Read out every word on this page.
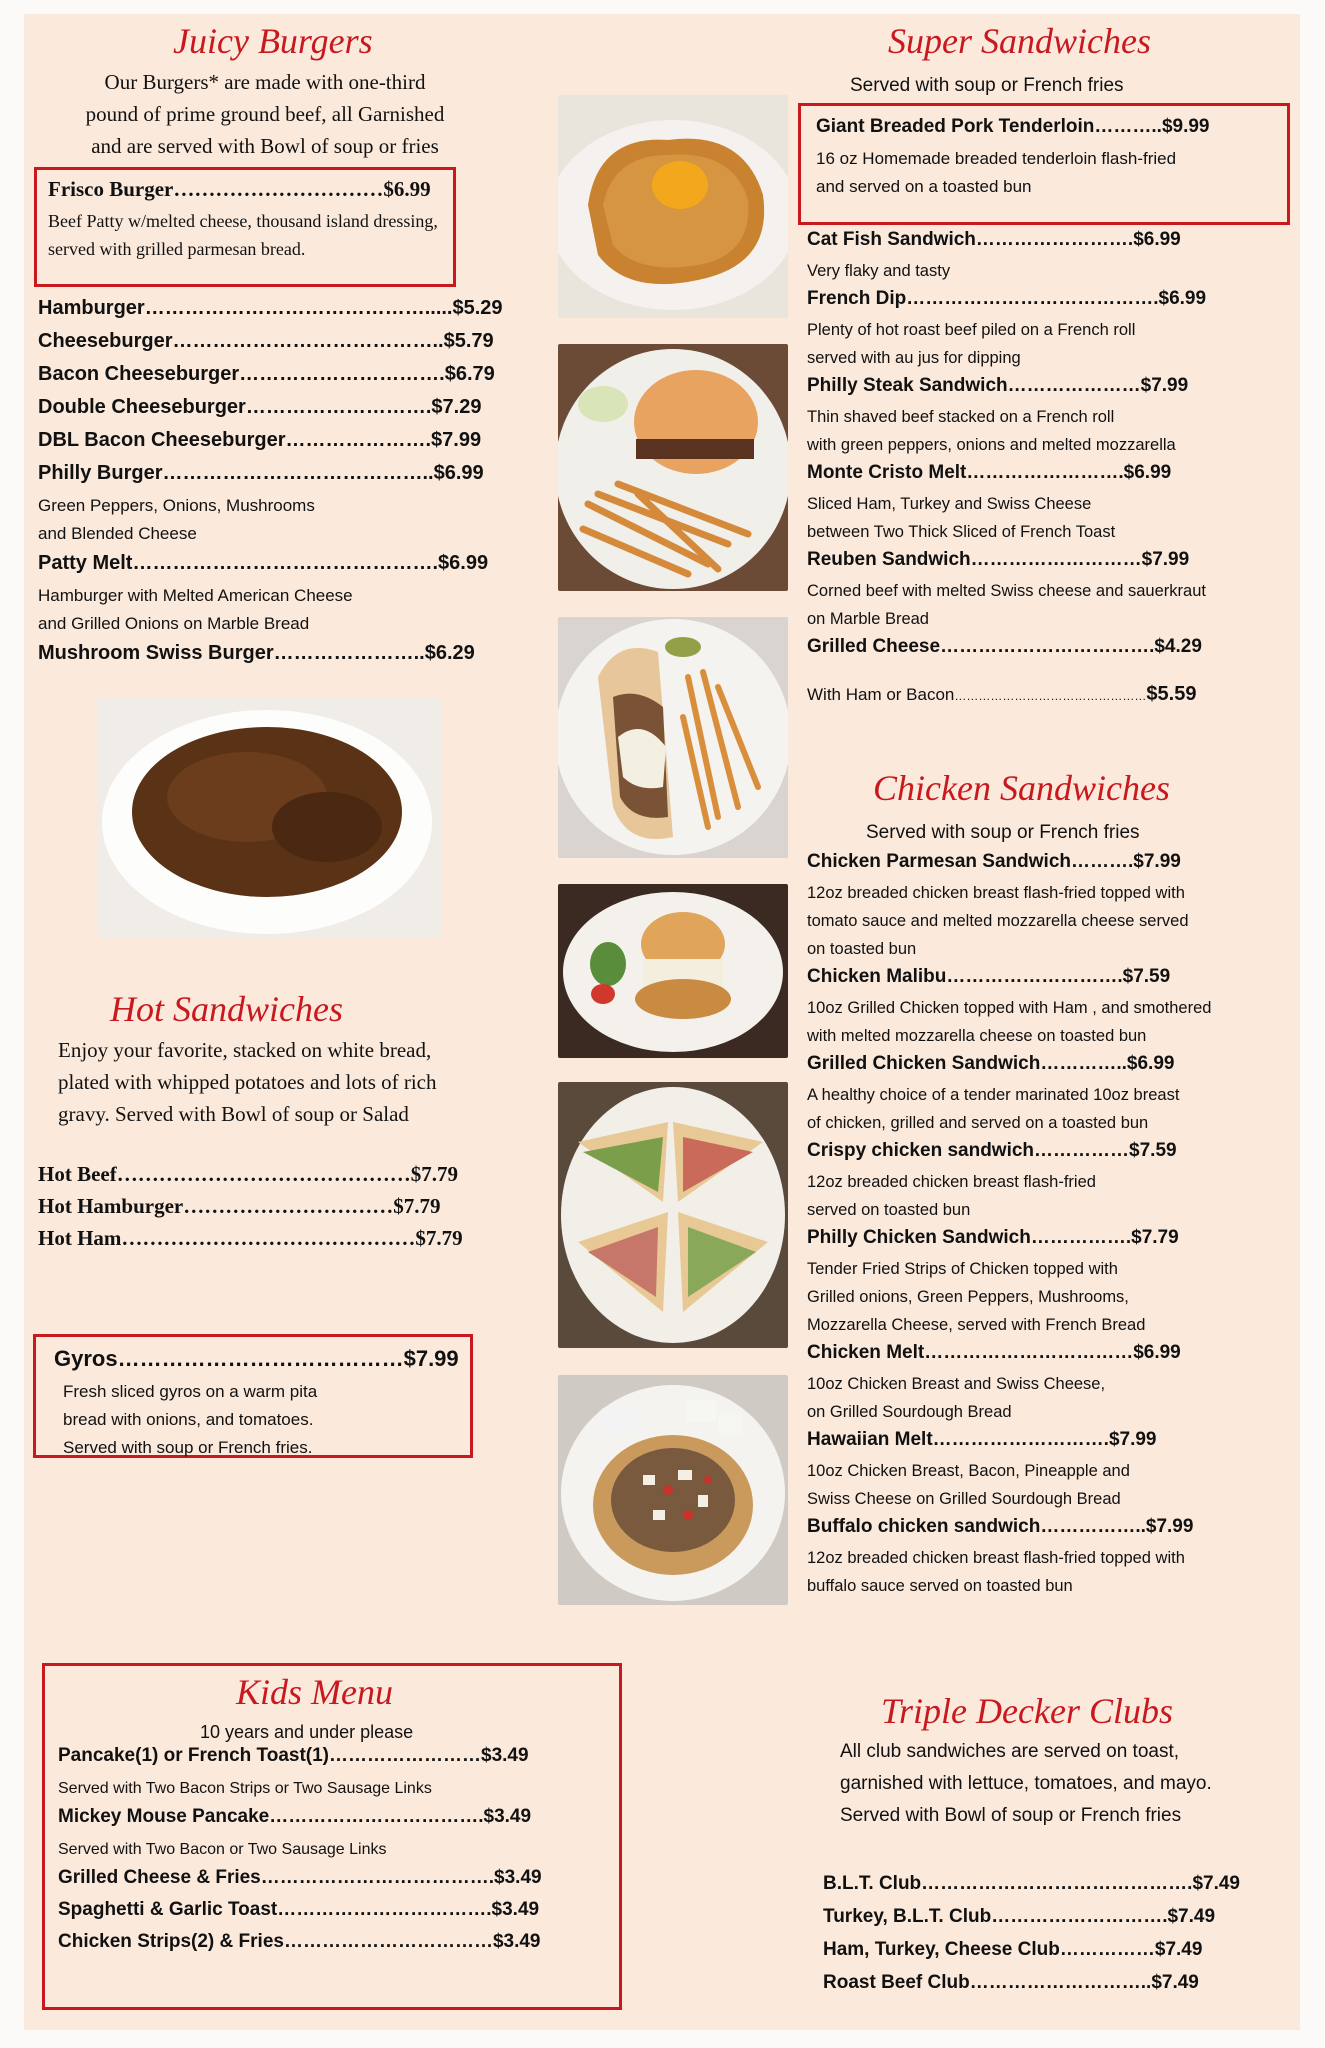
Juicy Burgers
Our Burgers* are made with one-third
pound of prime ground beef, all Garnished
and are served with Bowl of soup or fries
Frisco Burger…………………………$6.99
Beef Patty w/melted cheese, thousand island dressing, served with grilled parmesan bread.
Hamburger…………………………………….....$5.29
Cheeseburger…………………………………..$5.79
Bacon Cheeseburger………………………….$6.79
Double Cheeseburger……………………….$7.29
DBL Bacon Cheeseburger………………….$7.99
Philly Burger…………………………………..$6.99
Green Peppers, Onions, Mushrooms
and Blended Cheese
Patty Melt……………………………………….$6.99
Hamburger with Melted American Cheese
and Grilled Onions on Marble Bread
Mushroom Swiss Burger…………………..$6.29
Hot Sandwiches
Enjoy your favorite, stacked on white bread,
plated with whipped potatoes and lots of rich
gravy. Served with Bowl of soup or Salad
Hot Beef……………………………………$7.79
Hot Hamburger…………………………$7.79
Hot Ham……………………………………$7.79
Gyros…………………………………$7.99
Fresh sliced gyros on a warm pita
bread with onions, and tomatoes.
Served with soup or French fries.
Kids Menu
10 years and under please
Pancake(1) or French Toast(1)……………………$3.49
Served with Two Bacon Strips or Two Sausage Links
Mickey Mouse Pancake…………………………….$3.49
Served with Two Bacon or Two Sausage Links
Grilled Cheese & Fries……………………………….$3.49
Spaghetti & Garlic Toast…………………………….$3.49
Chicken Strips(2) & Fries……………………………$3.49
Super Sandwiches
Served with soup or French fries
Giant Breaded Pork Tenderloin………..$9.99
16 oz Homemade breaded tenderloin flash-fried
and served on a toasted bun
Cat Fish Sandwich…………………….$6.99
Very flaky and tasty
French Dip………………………………….$6.99
Plenty of hot roast beef piled on a French roll
served with au jus for dipping
Philly Steak Sandwich…………………$7.99
Thin shaved beef stacked on a French roll
with green peppers, onions and melted mozzarella
Monte Cristo Melt…………………….$6.99
Sliced Ham, Turkey and Swiss Cheese
between Two Thick Sliced of French Toast
Reuben Sandwich………………………$7.99
Corned beef with melted Swiss cheese and sauerkraut
on Marble Bread
Grilled Cheese…………………………….$4.29
With Ham or Bacon…………………………………………$5.59
Chicken Sandwiches
Served with soup or French fries
Chicken Parmesan Sandwich……….$7.99
12oz breaded chicken breast flash-fried topped with
tomato sauce and melted mozzarella cheese served
on toasted bun
Chicken Malibu……………………….$7.59
10oz Grilled Chicken topped with Ham , and smothered
with melted mozzarella cheese on toasted bun
Grilled Chicken Sandwich…………..$6.99
A healthy choice of a tender marinated 10oz breast
of chicken, grilled and served on a toasted bun
Crispy chicken sandwich……………$7.59
12oz breaded chicken breast flash-fried
served on toasted bun
Philly Chicken Sandwich…………….$7.79
Tender Fried Strips of Chicken topped with
Grilled onions, Green Peppers, Mushrooms,
Mozzarella Cheese, served with French Bread
Chicken Melt……………………………$6.99
10oz Chicken Breast and Swiss Cheese,
on Grilled Sourdough Bread
Hawaiian Melt……………………….$7.99
10oz Chicken Breast, Bacon, Pineapple and
Swiss Cheese on Grilled Sourdough Bread
Buffalo chicken sandwich……………..$7.99
12oz breaded chicken breast flash-fried topped with
buffalo sauce served on toasted bun
Triple Decker Clubs
All club sandwiches are served on toast,
garnished with lettuce, tomatoes, and mayo.
Served with Bowl of soup or French fries
B.L.T. Club…………………………………….$7.49
Turkey, B.L.T. Club……………………….$7.49
Ham, Turkey, Cheese Club……………$7.49
Roast Beef Club………………………..$7.49
